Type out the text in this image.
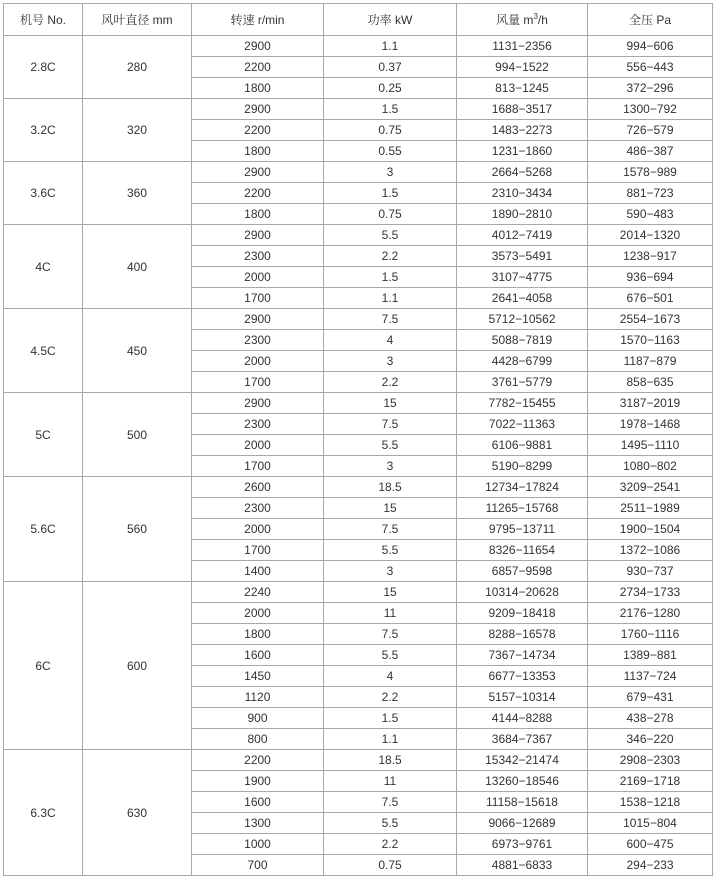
机号 No.	风叶直径 mm	转速 r/min	功率 kW	风量 $m^3/h$	全压 Pa
2.8C	280	2900	1.1	1131−2356	994−606
		2200	0.37	994−1522	556−443
		1800	0.25	813−1245	372−296
3.2C	320	2900	1.5	1688−3517	1300−792
		2200	0.75	1483−2273	726−579
		1800	0.55	1231−1860	486−387
3.6C	360	2900	3	2664−5268	1578−989
		2200	1.5	2310−3434	881−723
		1800	0.75	1890−2810	590−483
4C	400	2900	5.5	4012−7419	2014−1320
		2300	2.2	3573−5491	1238−917
		2000	1.5	3107−4775	936−694
		1700	1.1	2641−4058	676−501
4.5C	450	2900	7.5	5712−10562	2554−1673
		2300	4	5088−7819	1570−1163
		2000	3	4428−6799	1187−879
		1700	2.2	3761−5779	858−635
5C	500	2900	15	7782−15455	3187−2019
		2300	7.5	7022−11363	1978−1468
		2000	5.5	6106−9881	1495−1110
		1700	3	5190−8299	1080−802
5.6C	560	2600	18.5	12734−17824	3209−2541
		2300	15	11265−15768	2511−1989
		2000	7.5	9795−13711	1900−1504
		1700	5.5	8326−11654	1372−1086
		1400	3	6857−9598	930−737
6C	600	2240	15	10314−20628	2734−1733
		2000	11	9209−18418	2176−1280
		1800	7.5	8288−16578	1760−1116
		1600	5.5	7367−14734	1389−881
		1450	4	6677−13353	1137−724
		1120	2.2	5157−10314	679−431
		900	1.5	4144−8288	438−278
		800	1.1	3684−7367	346−220
6.3C	630	2200	18.5	15342−21474	2908−2303
		1900	11	13260−18546	2169−1718
		1600	7.5	11158−15618	1538−1218
		1300	5.5	9066−12689	1015−804
		1000	2.2	6973−9761	600−475
		700	0.75	4881−6833	294−233
